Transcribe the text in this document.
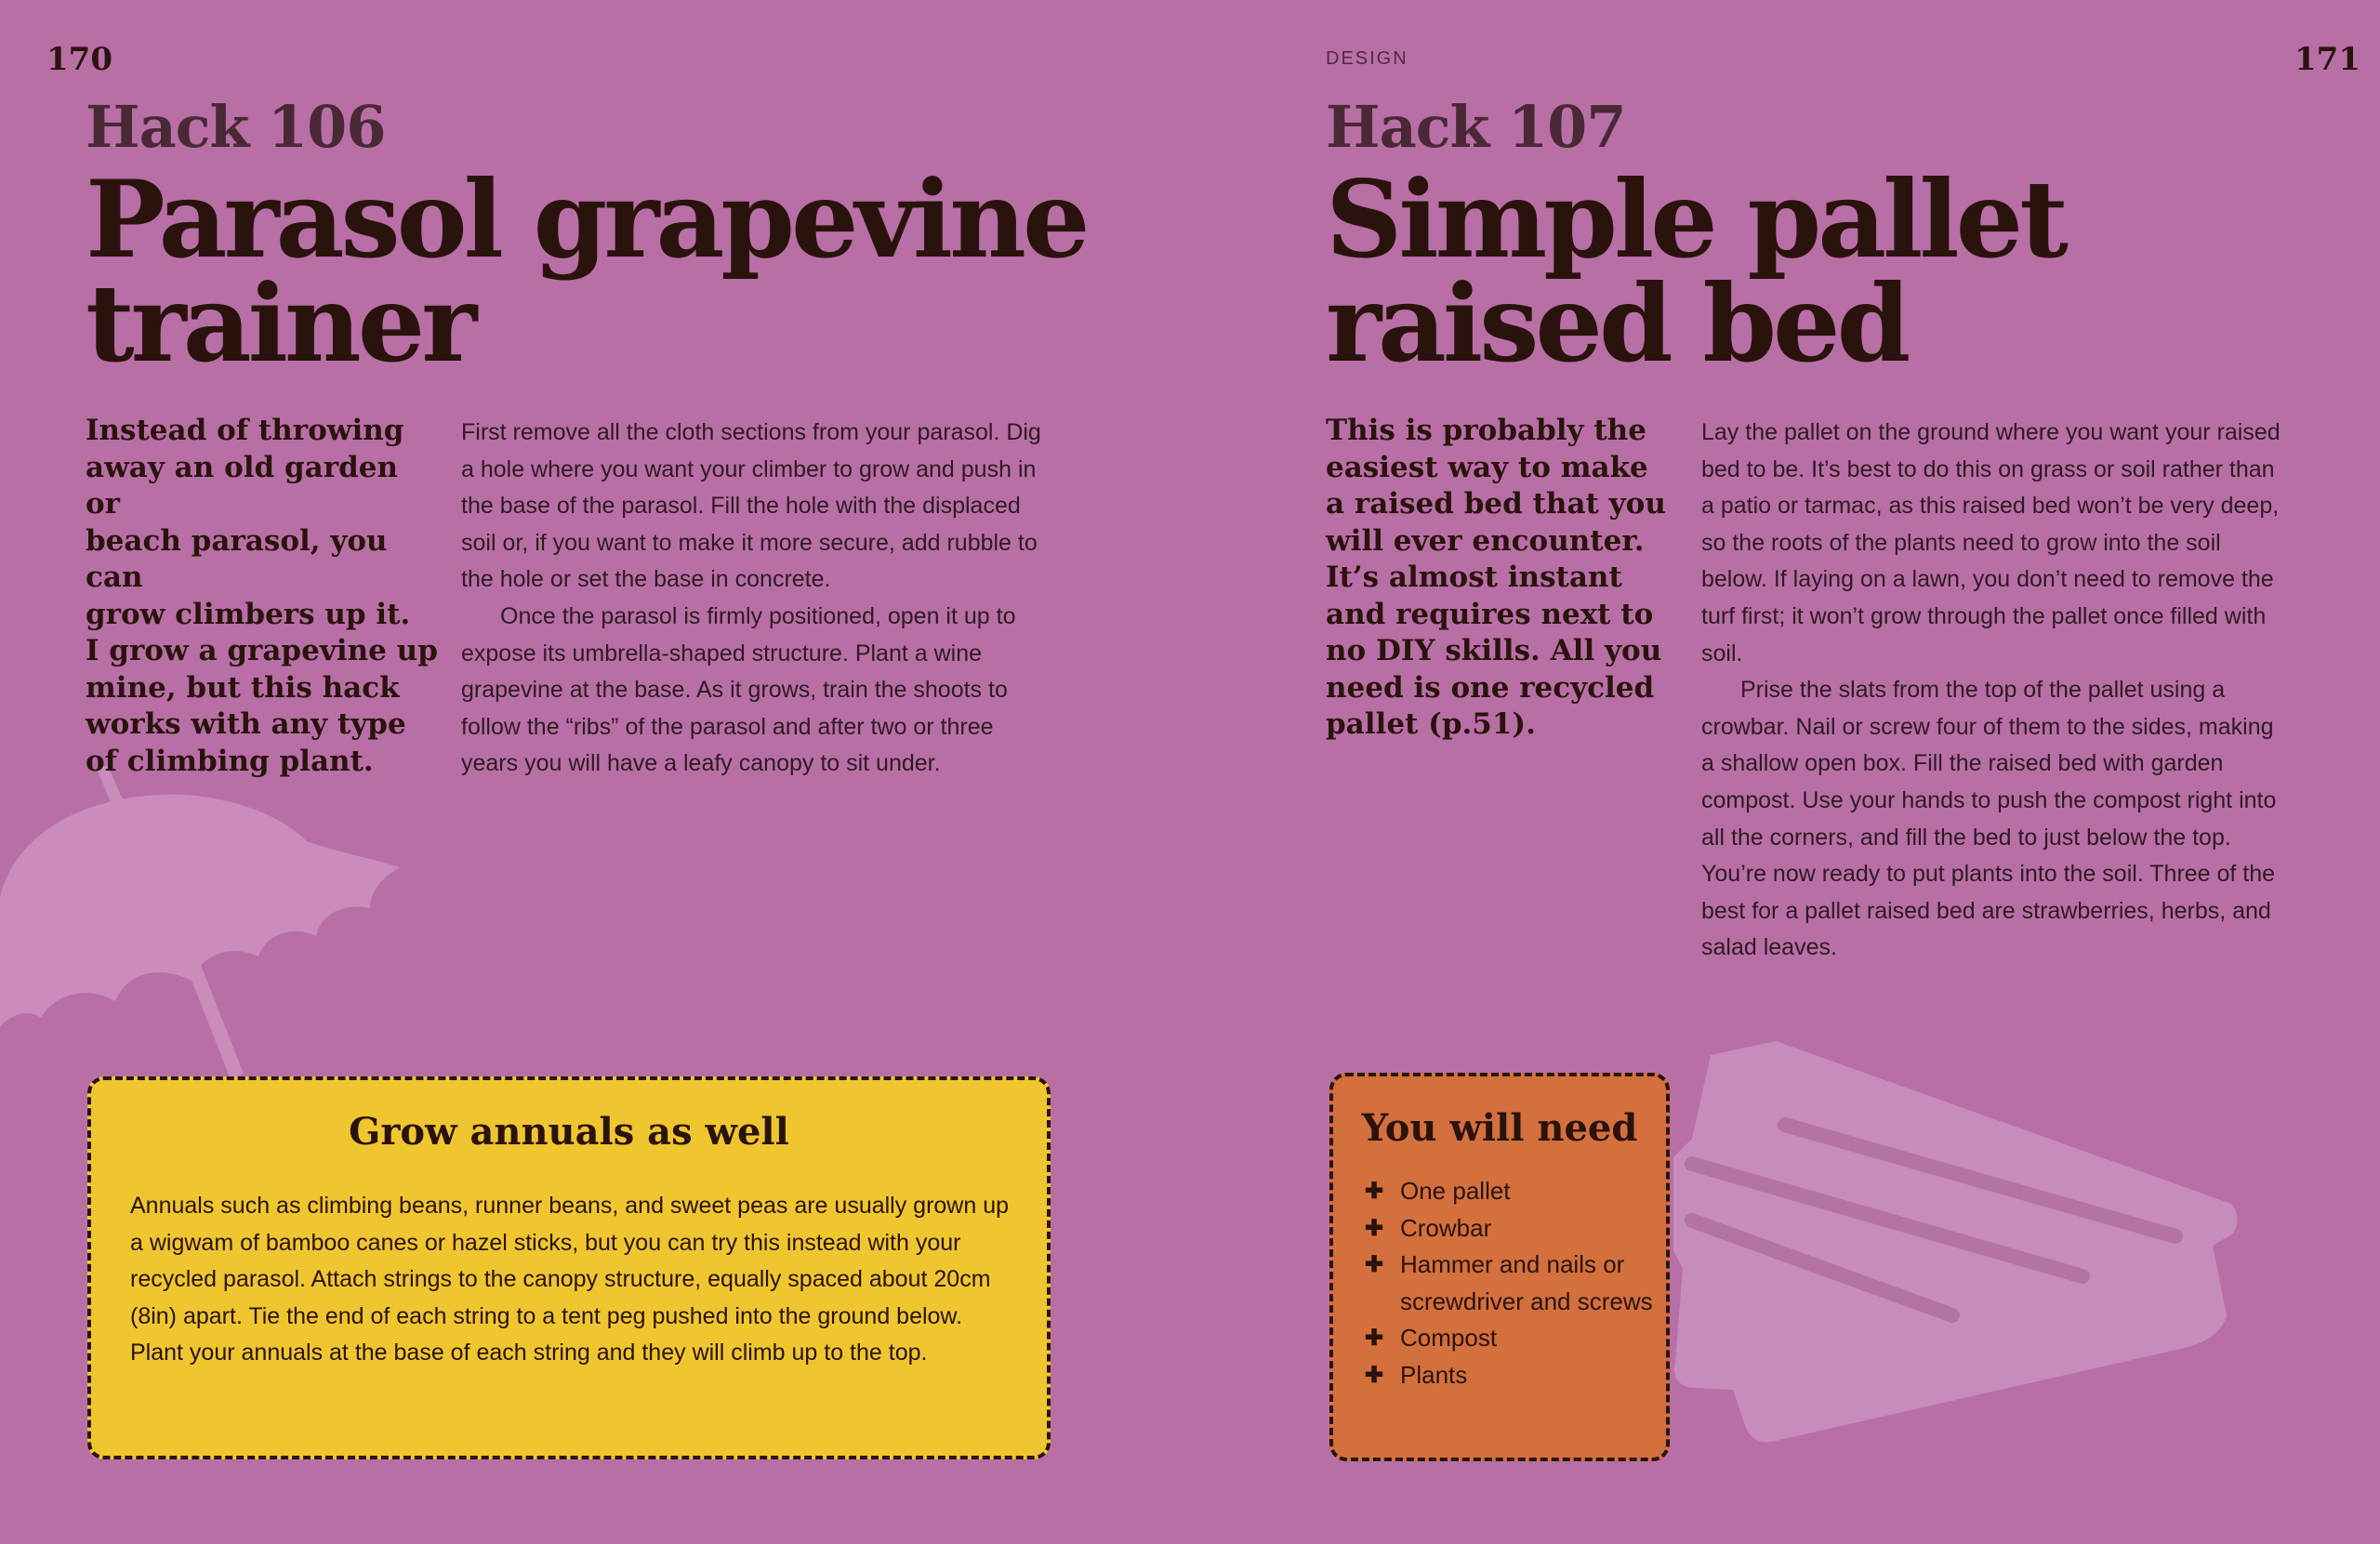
170	DESIGN	171
Hack 106
Parasol grapevine
trainer
Instead of throwing
away an old garden or
beach parasol, you can
grow climbers up it.
I grow a grapevine up
mine, but this hack
works with any type
of climbing plant.

First remove all the cloth sections from your parasol. Dig a hole where you want your climber to grow and push in the base of the parasol. Fill the hole with the displaced soil or, if you want to make it more secure, add rubble to the hole or set the base in concrete.

Once the parasol is firmly positioned, open it up to expose its umbrella-shaped structure. Plant a wine grapevine at the base. As it grows, train the shoots to follow the “ribs” of the parasol and after two or three years you will have a leafy canopy to sit under.

Grow annuals as well
Annuals such as climbing beans, runner beans, and sweet peas are usually grown up a wigwam of bamboo canes or hazel sticks, but you can try this instead with your recycled parasol. Attach strings to the canopy structure, equally spaced about 20cm (8in) apart. Tie the end of each string to a tent peg pushed into the ground below. Plant your annuals at the base of each string and they will climb up to the top.
Hack 107
Simple pallet
raised bed
This is probably the
easiest way to make
a raised bed that you
will ever encounter.
It’s almost instant
and requires next to
no DIY skills. All you
need is one recycled
pallet (p.51).

Lay the pallet on the ground where you want your raised bed to be. It’s best to do this on grass or soil rather than a patio or tarmac, as this raised bed won’t be very deep, so the roots of the plants need to grow into the soil below. If laying on a lawn, you don’t need to remove the turf first; it won’t grow through the pallet once filled with soil.

Prise the slats from the top of the pallet using a crowbar. Nail or screw four of them to the sides, making a shallow open box. Fill the raised bed with garden compost. Use your hands to push the compost right into all the corners, and fill the bed to just below the top. You’re now ready to put plants into the soil. Three of the best for a pallet raised bed are strawberries, herbs, and salad leaves.

You will need
✚ One pallet
✚ Crowbar
✚ Hammer and nails or screwdriver and screws
✚ Compost
✚ Plants
